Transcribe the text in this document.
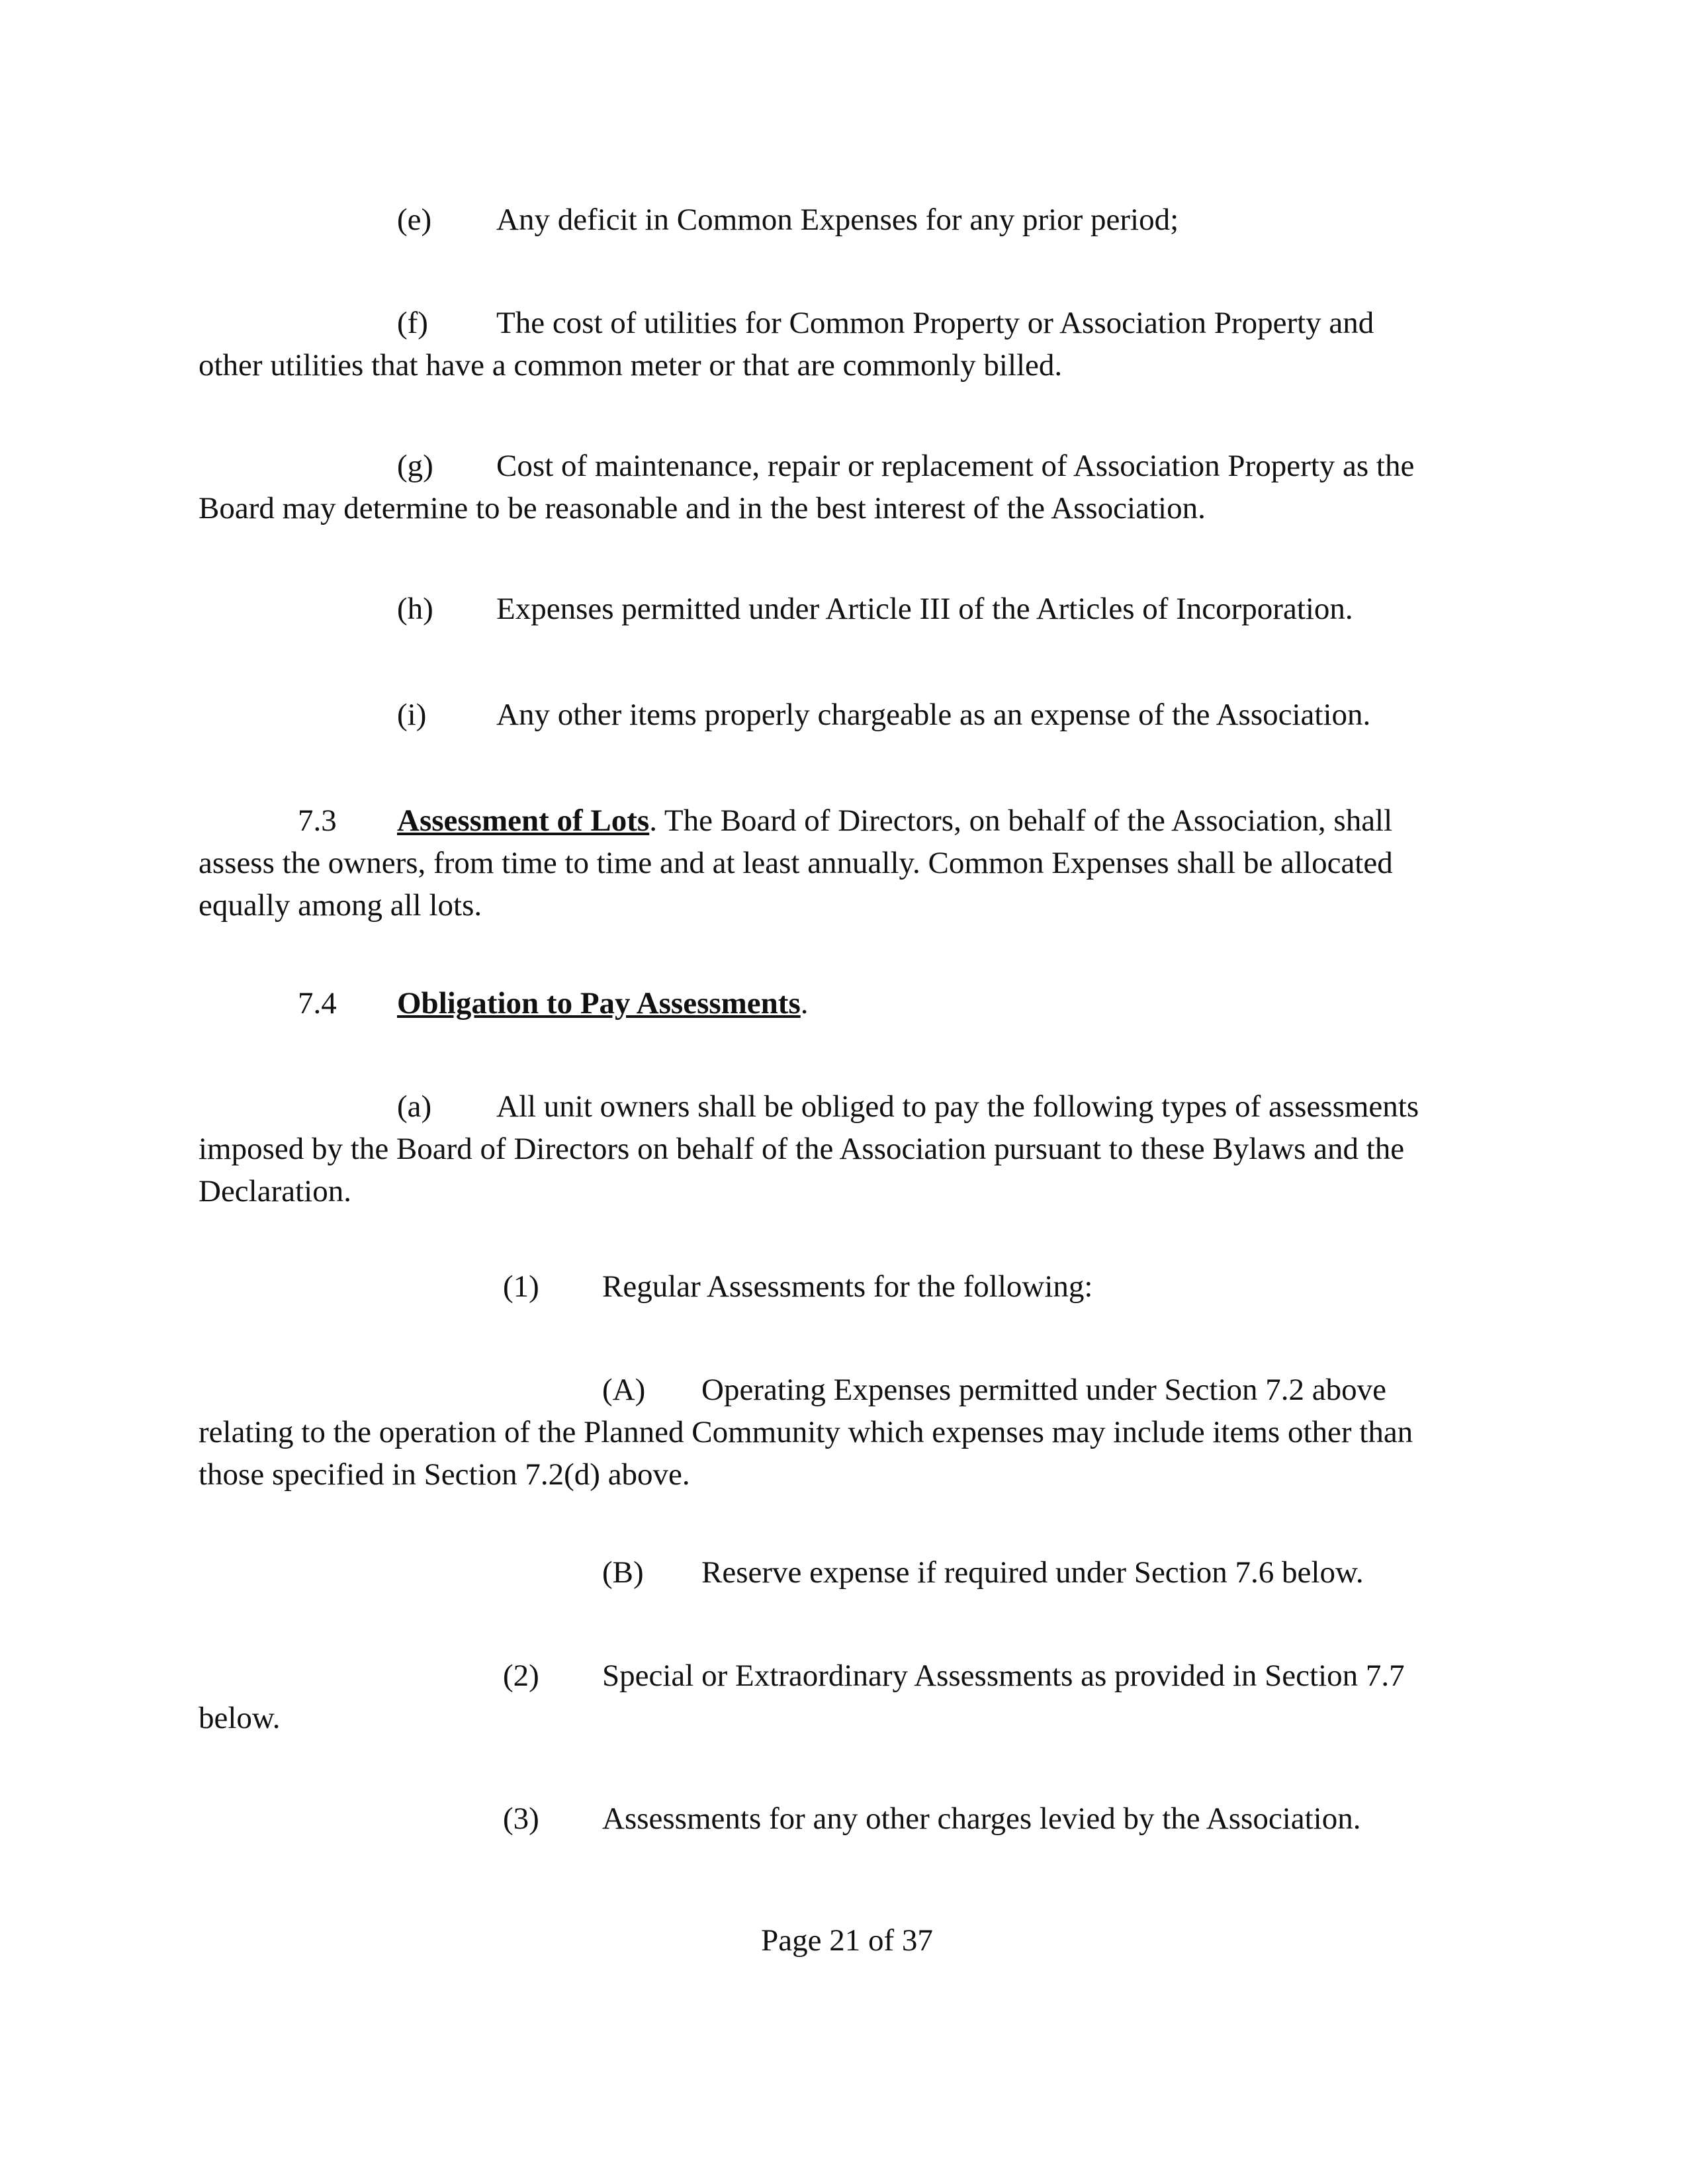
(e) Any deficit in Common Expenses for any prior period;
(f) The cost of utilities for Common Property or Association Property and
other utilities that have a common meter or that are commonly billed.
(g) Cost of maintenance, repair or replacement of Association Property as the
Board may determine to be reasonable and in the best interest of the Association.
(h) Expenses permitted under Article III of the Articles of Incorporation.
(i) Any other items properly chargeable as an expense of the Association.
7.3 Assessment of Lots. The Board of Directors, on behalf of the Association, shall
assess the owners, from time to time and at least annually. Common Expenses shall be allocated
equally among all lots.
7.4 Obligation to Pay Assessments.
(a) All unit owners shall be obliged to pay the following types of assessments
imposed by the Board of Directors on behalf of the Association pursuant to these Bylaws and the
Declaration.
(1) Regular Assessments for the following:
(A) Operating Expenses permitted under Section 7.2 above
relating to the operation of the Planned Community which expenses may include items other than
those specified in Section 7.2(d) above.
(B) Reserve expense if required under Section 7.6 below.
(2) Special or Extraordinary Assessments as provided in Section 7.7
below.
(3) Assessments for any other charges levied by the Association.
Page 21 of 37
